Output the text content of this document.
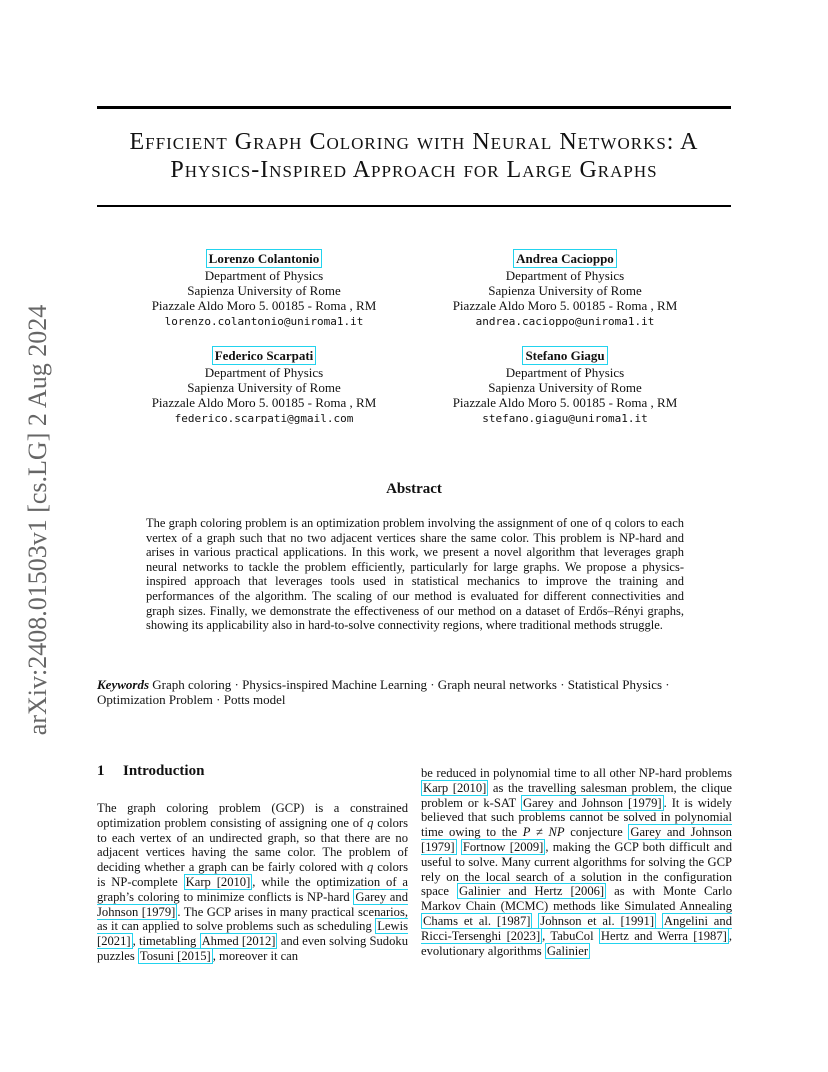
arXiv:2408.01503v1 [cs.LG] 2 Aug 2024
Efficient Graph Coloring with Neural Networks: A
Physics-Inspired Approach for Large Graphs
Lorenzo Colantonio
Department of Physics
Sapienza University of Rome
Piazzale Aldo Moro 5. 00185 - Roma , RM
lorenzo.colantonio@uniroma1.it
Andrea Cacioppo
Department of Physics
Sapienza University of Rome
Piazzale Aldo Moro 5. 00185 - Roma , RM
andrea.cacioppo@uniroma1.it
Federico Scarpati
Department of Physics
Sapienza University of Rome
Piazzale Aldo Moro 5. 00185 - Roma , RM
federico.scarpati@gmail.com
Stefano Giagu
Department of Physics
Sapienza University of Rome
Piazzale Aldo Moro 5. 00185 - Roma , RM
stefano.giagu@uniroma1.it
Abstract
The graph coloring problem is an optimization problem involving the assignment of one of q colors to each vertex of a graph such that no two adjacent vertices share the same color. This problem is NP-hard and arises in various practical applications. In this work, we present a novel algorithm that leverages graph neural networks to tackle the problem efficiently, particularly for large graphs. We propose a physics-inspired approach that leverages tools used in statistical mechanics to improve the training and performances of the algorithm. The scaling of our method is evaluated for different connectivities and graph sizes. Finally, we demonstrate the effectiveness of our method on a dataset of Erdős–Rényi graphs, showing its applicability also in hard-to-solve connectivity regions, where traditional methods struggle.
Keywords Graph coloring · Physics-inspired Machine Learning · Graph neural networks · Statistical Physics · Optimization Problem · Potts model
1 Introduction
The graph coloring problem (GCP) is a constrained optimization problem consisting of assigning one of q colors to each vertex of an undirected graph, so that there are no adjacent vertices having the same color. The problem of deciding whether a graph can be fairly colored with q colors is NP-complete Karp [2010] , while the optimization of a graph’s coloring to minimize conflicts is NP-hard Garey and Johnson [1979] . The GCP arises in many practical scenarios, as it can applied to solve problems such as scheduling Lewis [2021] , timetabling Ahmed [2012] and even solving Sudoku puzzles Tosuni [2015] , moreover it can
be reduced in polynomial time to all other NP-hard problems Karp [2010] as the travelling salesman problem, the clique problem or k-SAT Garey and Johnson [1979] . It is widely believed that such problems cannot be solved in polynomial time owing to the P ≠ NP conjecture Garey and Johnson [1979] Fortnow [2009] , making the GCP both difficult and useful to solve. Many current algorithms for solving the GCP rely on the local search of a solution in the configuration space Galinier and Hertz [2006] as with Monte Carlo Markov Chain (MCMC) methods like Simulated Annealing Chams et al. [1987] Johnson et al. [1991] Angelini and Ricci-Tersenghi [2023] , TabuCol Hertz and Werra [1987] , evolutionary algorithms Galinier
